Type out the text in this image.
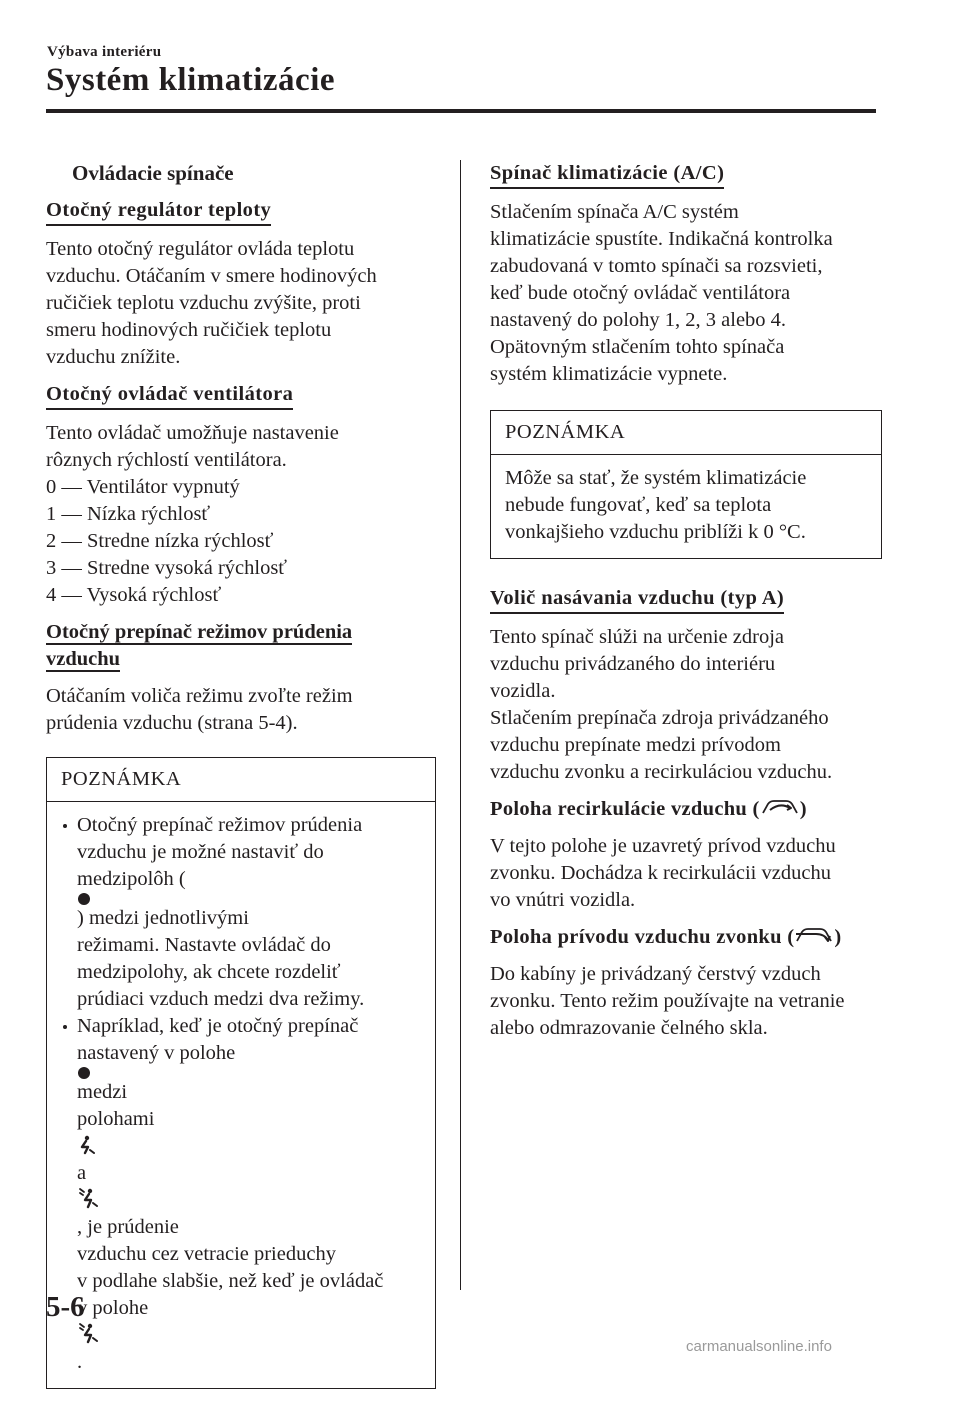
Výbava interiéru
Systém klimatizácie
Ovládacie spínače
Otočný regulátor teploty

Tento otočný regulátor ovláda teplotu
vzduchu. Otáčaním v smere hodinových
ručičiek teplotu vzduchu zvýšite, proti
smeru hodinových ručičiek teplotu
vzduchu znížite.

Otočný ovládač ventilátora

Tento ovládač umožňuje nastavenie
rôznych rýchlostí ventilátora.
0 ― Ventilátor vypnutý
1 ― Nízka rýchlosť
2 ― Stredne nízka rýchlosť
3 ― Stredne vysoká rýchlosť
4 ― Vysoká rýchlosť

Otočný prepínač režimov prúdenia
vzduchu

Otáčaním voliča režimu zvoľte režim
prúdenia vzduchu (strana 5-4).

POZNÁMKA
Otočný prepínač režimov prúdenia
vzduchu je možné nastaviť do
medzipolôh (
) medzi jednotlivými
režimami. Nastavte ovládač do
medzipolohy, ak chcete rozdeliť
prúdiaci vzduch medzi dva režimy.
Napríklad, keď je otočný prepínač
nastavený v polohe
medzi
polohami
a
, je prúdenie
vzduchu cez vetracie prieduchy
v podlahe slabšie, než keď je ovládač
v polohe
.
Spínač klimatizácie (A/C)

Stlačením spínača A/C systém
klimatizácie spustíte. Indikačná kontrolka
zabudovaná v tomto spínači sa rozsvieti,
keď bude otočný ovládač ventilátora
nastavený do polohy 1, 2, 3 alebo 4.
Opätovným stlačením tohto spínača
systém klimatizácie vypnete.

POZNÁMKA
Môže sa stať, že systém klimatizácie
nebude fungovať, keď sa teplota
vonkajšieho vzduchu priblíži k 0 °C.
Volič nasávania vzduchu (typ A)

Tento spínač slúži na určenie zdroja
vzduchu privádzaného do interiéru
vozidla.
Stlačením prepínača zdroja privádzaného
vzduchu prepínate medzi prívodom
vzduchu zvonku a recirkuláciou vzduchu.

Poloha recirkulácie vzduchu ( )

V tejto polohe je uzavretý prívod vzduchu
zvonku. Dochádza k recirkulácii vzduchu
vo vnútri vozidla.

Poloha prívodu vzduchu zvonku ( )

Do kabíny je privádzaný čerstvý vzduch
zvonku. Tento režim používajte na vetranie
alebo odmrazovanie čelného skla.

5-6
carmanualsonline.info
